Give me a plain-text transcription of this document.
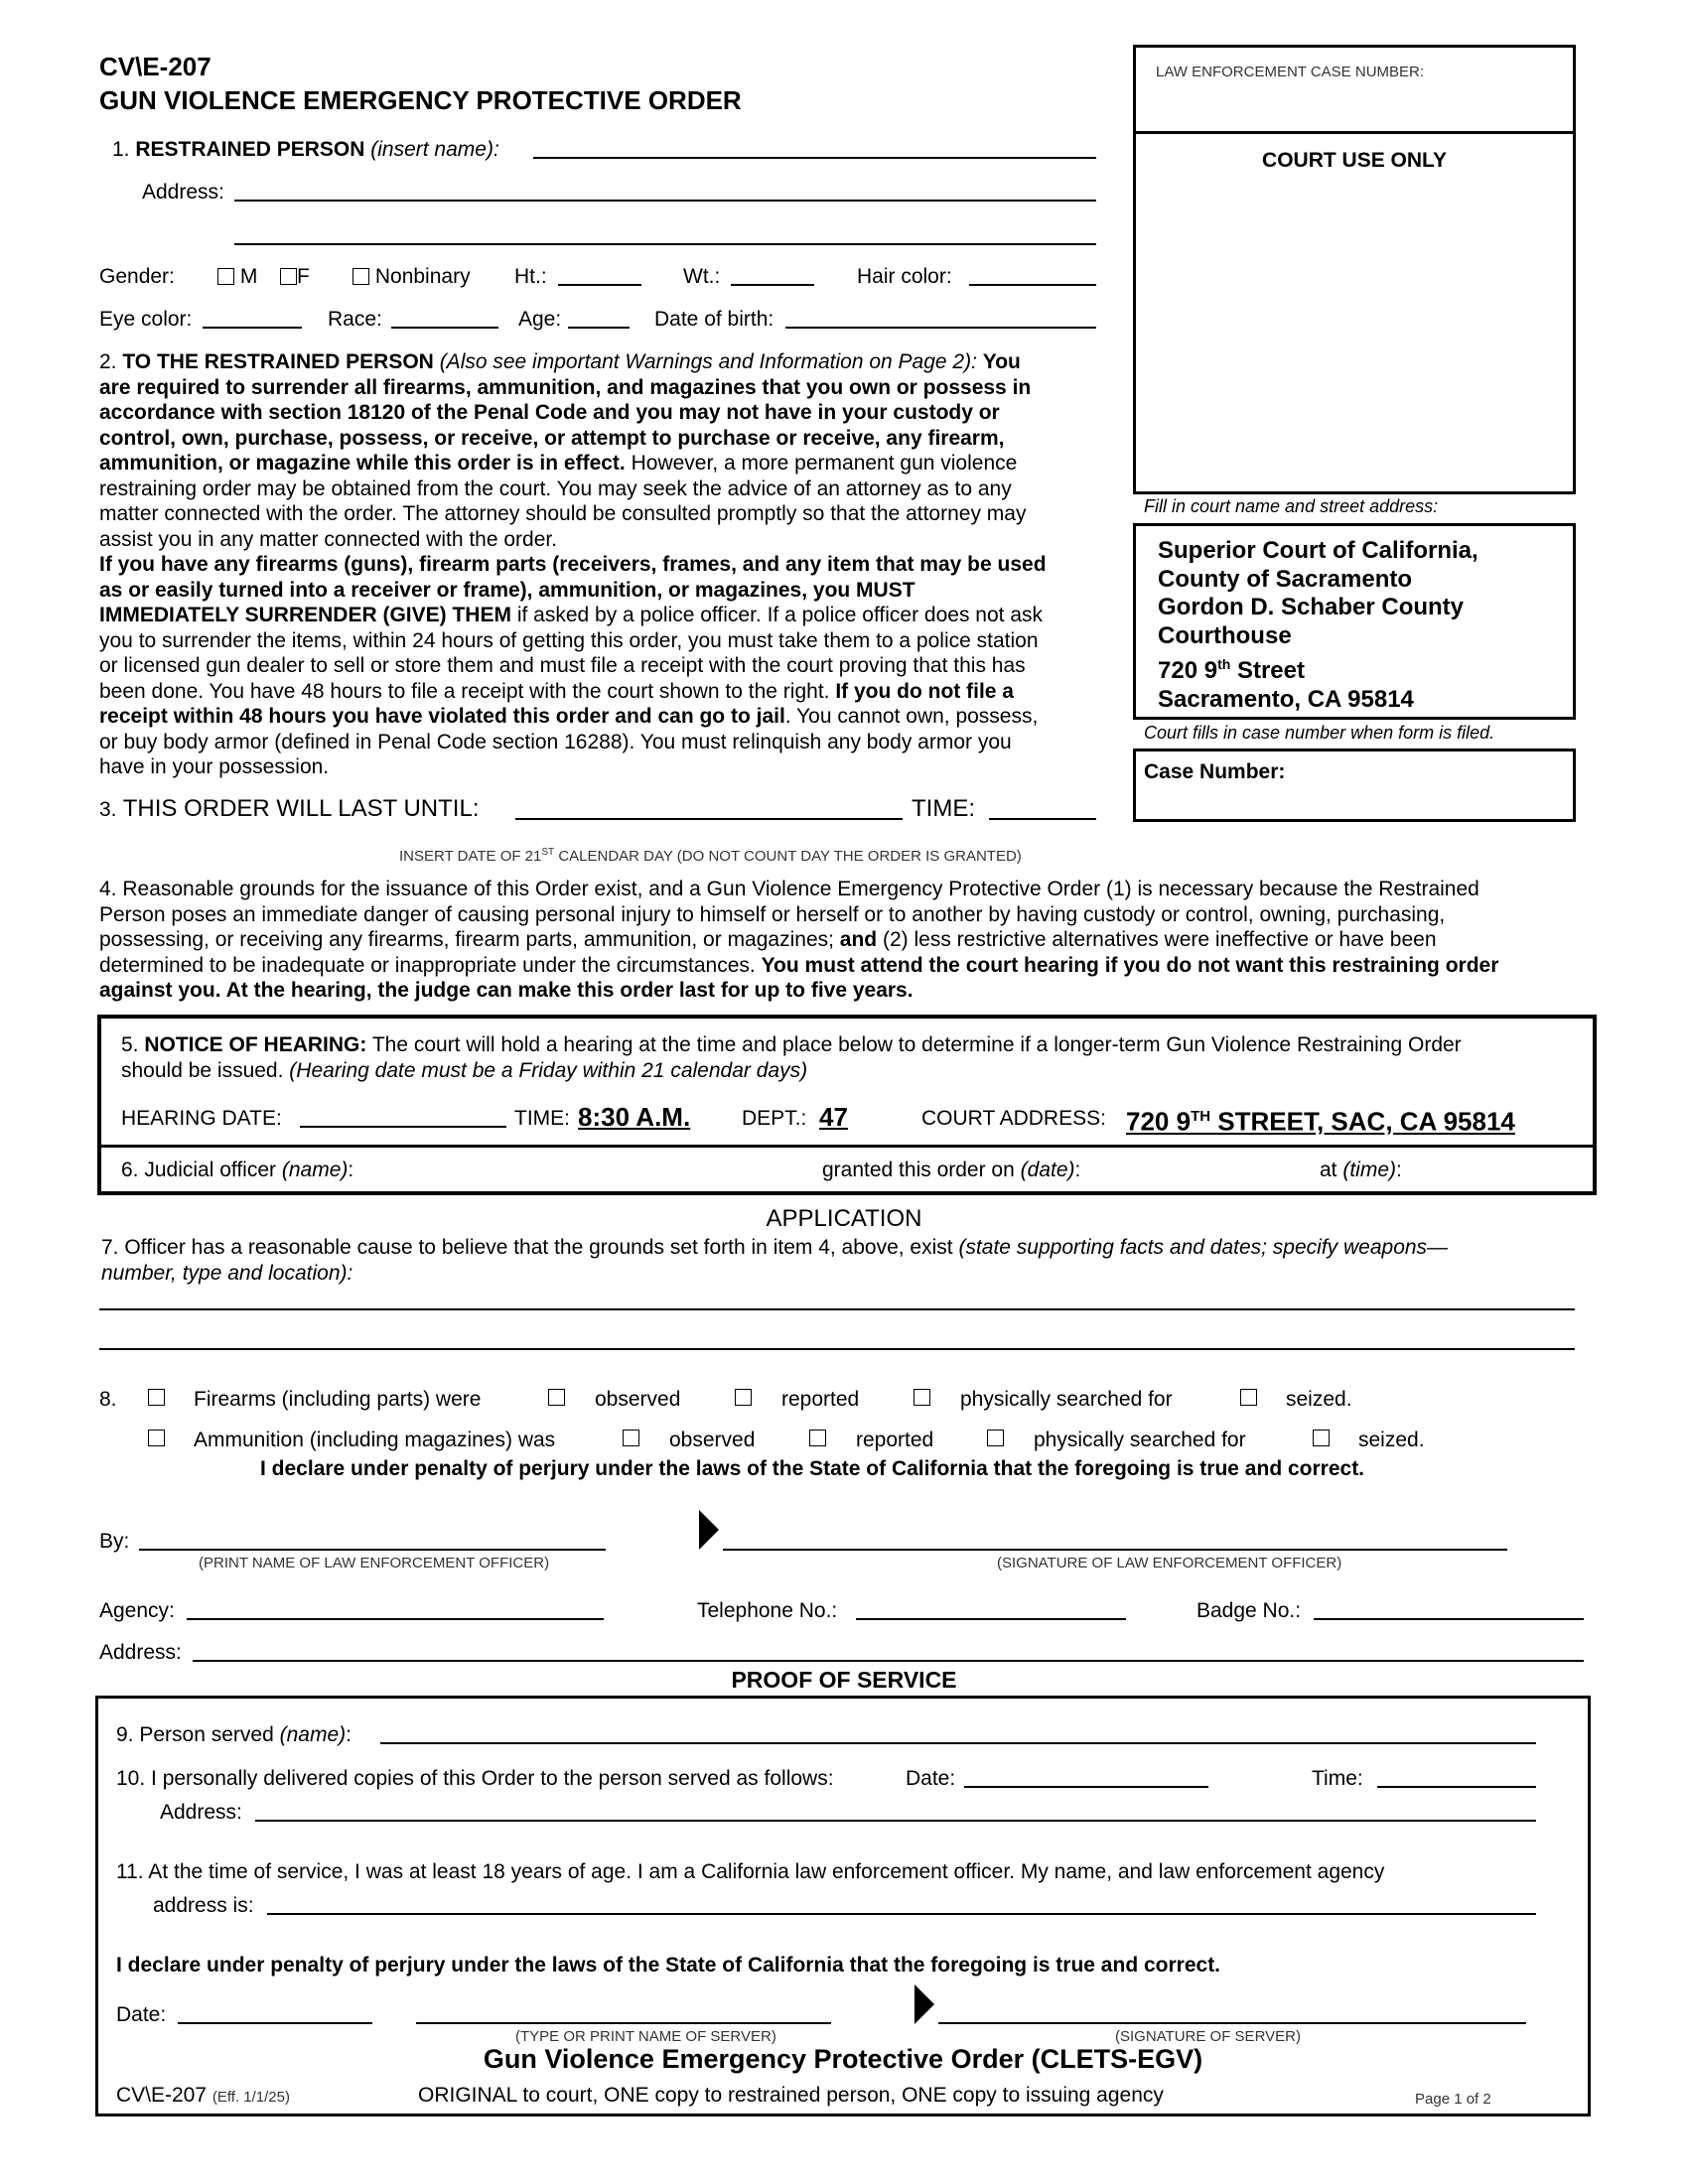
CV\E-207
GUN VIOLENCE EMERGENCY PROTECTIVE ORDER
LAW ENFORCEMENT CASE NUMBER:
COURT USE ONLY
Fill in court name and street address:
Superior Court of California,
County of Sacramento
Gordon D. Schaber County
Courthouse
720 9th Street
Sacramento, CA 95814
Court fills in case number when form is filed.
Case Number:
1. RESTRAINED PERSON (insert name):
Address:
Gender:	M	F	Nonbinary Ht.:	Wt.:	Hair color:
Eye color:	Race:	Age:	Date of birth:
2. TO THE RESTRAINED PERSON (Also see important Warnings and Information on Page 2): You
are required to surrender all firearms, ammunition, and magazines that you own or possess in
accordance with section 18120 of the Penal Code and you may not have in your custody or
control, own, purchase, possess, or receive, or attempt to purchase or receive, any firearm,
ammunition, or magazine while this order is in effect. However, a more permanent gun violence
restraining order may be obtained from the court. You may seek the advice of an attorney as to any
matter connected with the order. The attorney should be consulted promptly so that the attorney may
assist you in any matter connected with the order.
If you have any firearms (guns), firearm parts (receivers, frames, and any item that may be used
as or easily turned into a receiver or frame), ammunition, or magazines, you MUST
IMMEDIATELY SURRENDER (GIVE) THEM if asked by a police officer. If a police officer does not ask
you to surrender the items, within 24 hours of getting this order, you must take them to a police station
or licensed gun dealer to sell or store them and must file a receipt with the court proving that this has
been done. You have 48 hours to file a receipt with the court shown to the right. If you do not file a
receipt within 48 hours you have violated this order and can go to jail. You cannot own, possess,
or buy body armor (defined in Penal Code section 16288). You must relinquish any body armor you
have in your possession.
3. THIS ORDER WILL LAST UNTIL:	TIME:
INSERT DATE OF 21ST CALENDAR DAY (DO NOT COUNT DAY THE ORDER IS GRANTED)
4. Reasonable grounds for the issuance of this Order exist, and a Gun Violence Emergency Protective Order (1) is necessary because the Restrained
Person poses an immediate danger of causing personal injury to himself or herself or to another by having custody or control, owning, purchasing,
possessing, or receiving any firearms, firearm parts, ammunition, or magazines; and (2) less restrictive alternatives were ineffective or have been
determined to be inadequate or inappropriate under the circumstances. You must attend the court hearing if you do not want this restraining order
against you. At the hearing, the judge can make this order last for up to five years.
5. NOTICE OF HEARING: The court will hold a hearing at the time and place below to determine if a longer-term Gun Violence Restraining Order
should be issued. (Hearing date must be a Friday within 21 calendar days)
HEARING DATE:	TIME: 8:30 A.M. DEPT.: 47	COURT ADDRESS: 720 9TH STREET, SAC, CA 95814
6. Judicial officer (name):	granted this order on (date):	at (time):
APPLICATION
7. Officer has a reasonable cause to believe that the grounds set forth in item 4, above, exist (state supporting facts and dates; specify weapons—
number, type and location):
8.	Firearms (including parts) were	observed	reported	physically searched for	seized.
Ammunition (including magazines) was	observed	reported	physically searched for	seized.
I declare under penalty of perjury under the laws of the State of California that the foregoing is true and correct.
By:
(PRINT NAME OF LAW ENFORCEMENT OFFICER)	(SIGNATURE OF LAW ENFORCEMENT OFFICER)
Agency:	Telephone No.:	Badge No.:
Address:
PROOF OF SERVICE
9. Person served (name):
10. I personally delivered copies of this Order to the person served as follows:	Date:	Time:
Address:
11. At the time of service, I was at least 18 years of age. I am a California law enforcement officer. My name, and law enforcement agency
address is:
I declare under penalty of perjury under the laws of the State of California that the foregoing is true and correct.
Date:
(TYPE OR PRINT NAME OF SERVER)	(SIGNATURE OF SERVER)
Gun Violence Emergency Protective Order (CLETS-EGV)
CV\E-207 (Eff. 1/1/25)	ORIGINAL to court, ONE copy to restrained person, ONE copy to issuing agency	Page 1 of 2
